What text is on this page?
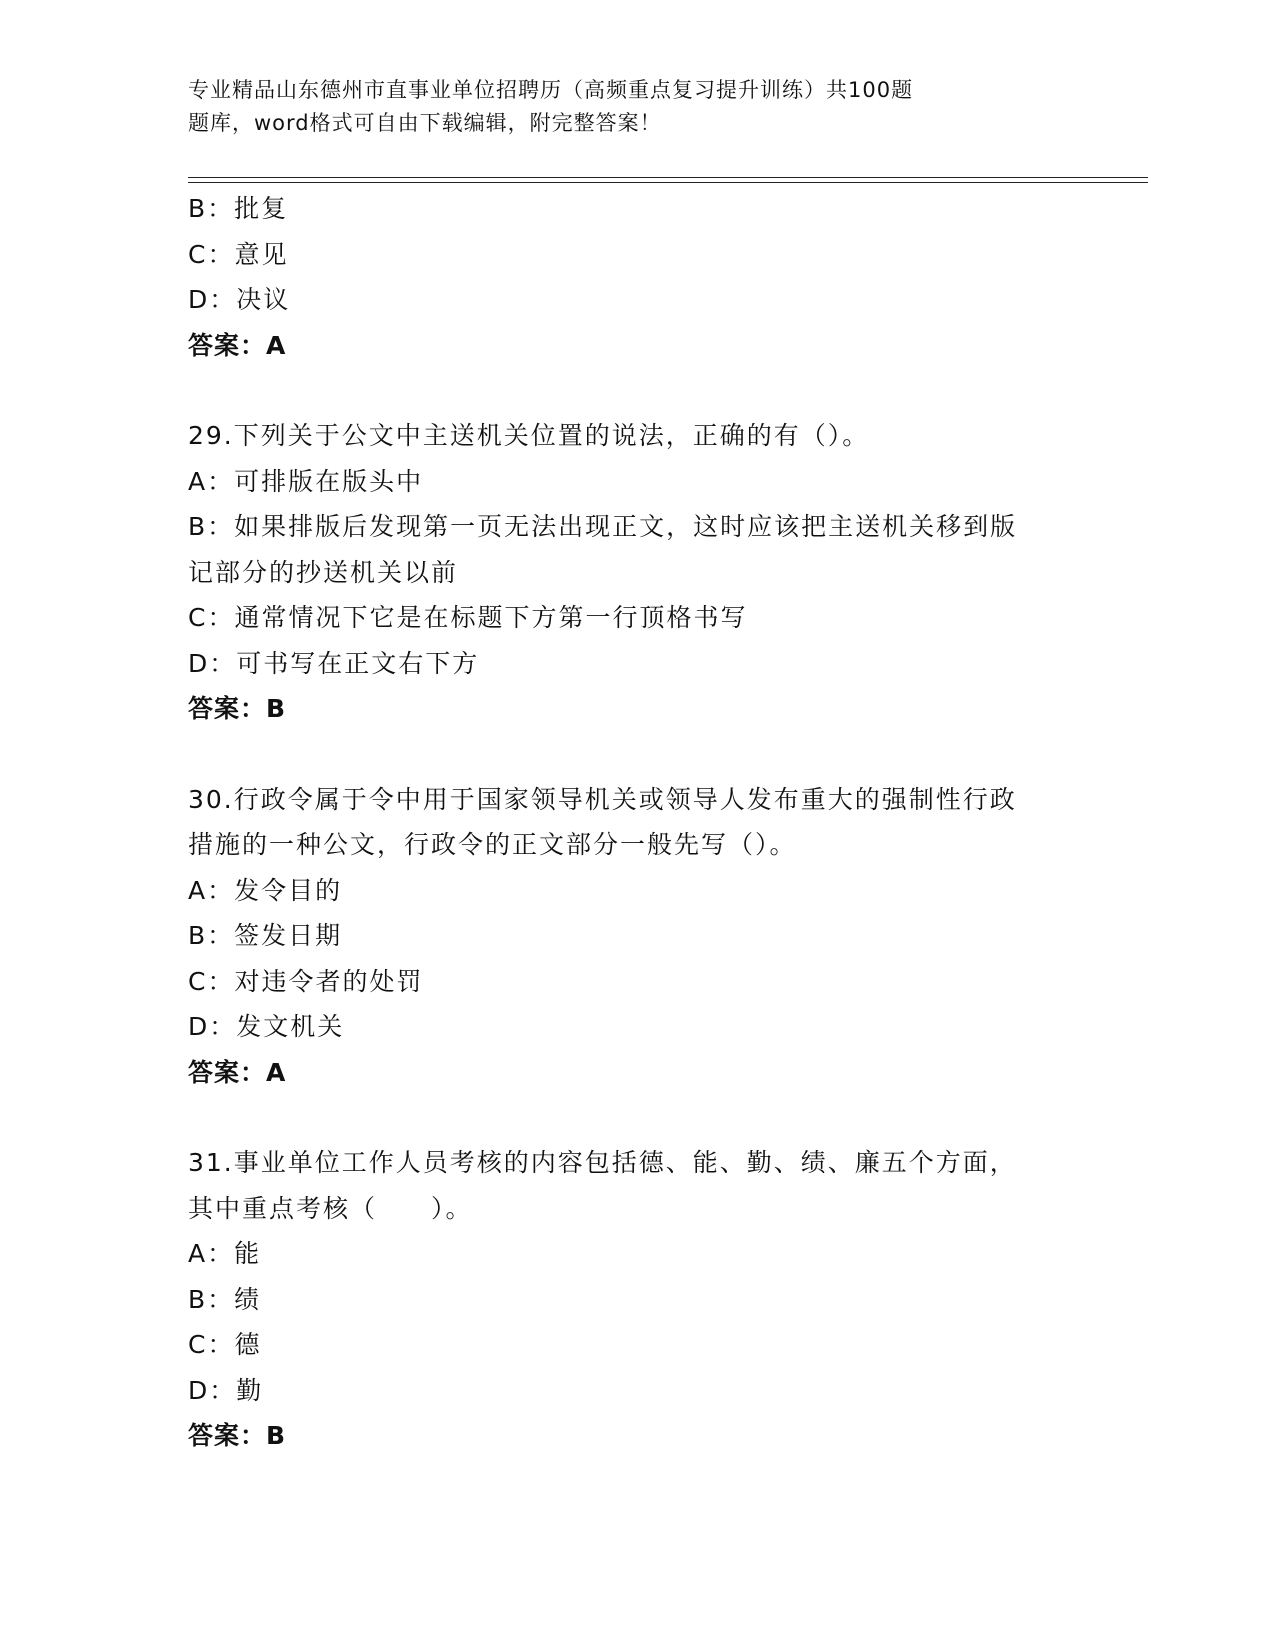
专业精品山东德州市直事业单位招聘历（高频重点复习提升训练）共100题
题库，word格式可自由下载编辑，附完整答案！
B：批复
C：意见
D：决议
答案：A
29.下列关于公文中主送机关位置的说法，正确的有（）。
A：可排版在版头中
B：如果排版后发现第一页无法出现正文，这时应该把主送机关移到版
记部分的抄送机关以前
C：通常情况下它是在标题下方第一行顶格书写
D：可书写在正文右下方
答案：B
30.行政令属于令中用于国家领导机关或领导人发布重大的强制性行政
措施的一种公文，行政令的正文部分一般先写（）。
A：发令目的
B：签发日期
C：对违令者的处罚
D：发文机关
答案：A
31.事业单位工作人员考核的内容包括德、能、勤、绩、廉五个方面，
其中重点考核（　　）。
A：能
B：绩
C：德
D：勤
答案：B
